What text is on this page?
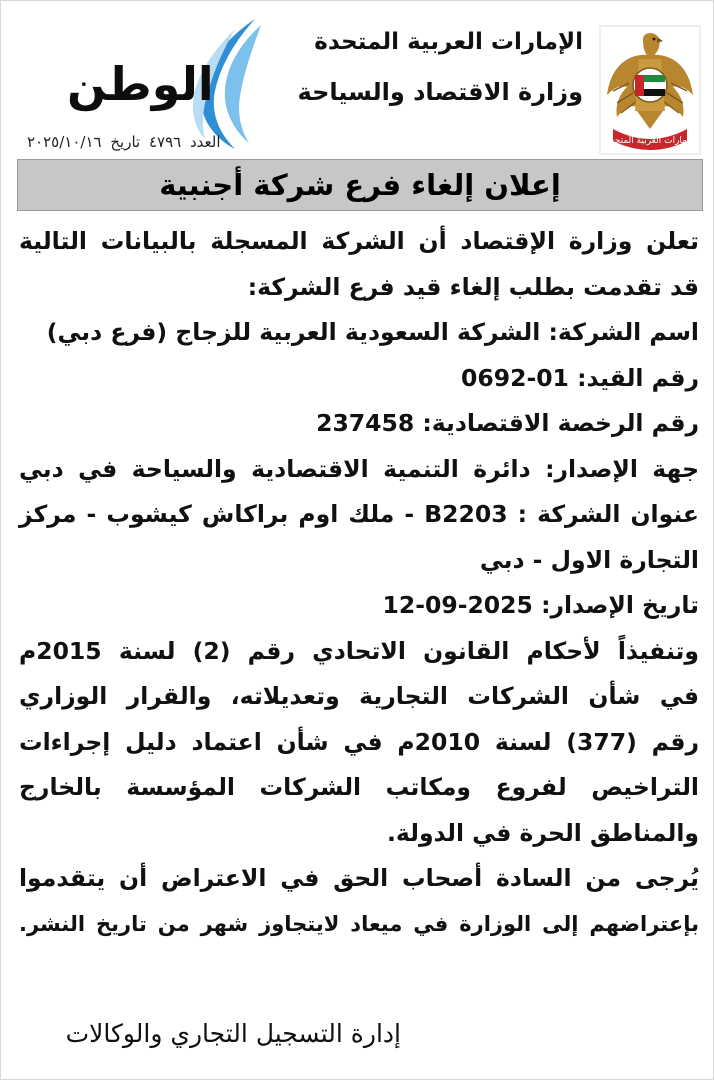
الإمارات العربية المتحدة
الإمارات العربية المتحدة
وزارة الاقتصاد والسياحة
الوطن
العدد ٤٧٩٦ تاريخ ٢٠٢٥/١٠/١٦
إعلان إلغاء فرع شركة أجنبية
تعلن وزارة الإقتصاد أن الشركة المسجلة بالبيانات التالية
قد تقدمت بطلب إلغاء قيد فرع الشركة:
اسم الشركة: الشركة السعودية العربية للزجاج (فرع دبي)
رقم القيد: 0692-01
رقم الرخصة الاقتصادية: 237458
جهة الإصدار: دائرة التنمية الاقتصادية والسياحة في دبي
عنوان الشركة : B2203 - ملك اوم براكاش كيشوب - مركز
التجارة الاول - دبي
تاريخ الإصدار: 12-09-2025
وتنفيذاً لأحكام القانون الاتحادي رقم (2) لسنة 2015م
في شأن الشركات التجارية وتعديلاته، والقرار الوزاري
رقم (377) لسنة 2010م في شأن اعتماد دليل إجراءات
التراخيص لفروع ومكاتب الشركات المؤسسة بالخارج
والمناطق الحرة في الدولة.
يُرجى من السادة أصحاب الحق في الاعتراض أن يتقدموا
بإعتراضهم إلى الوزارة في ميعاد لايتجاوز شهر من تاريخ النشر.
إدارة التسجيل التجاري والوكالات
